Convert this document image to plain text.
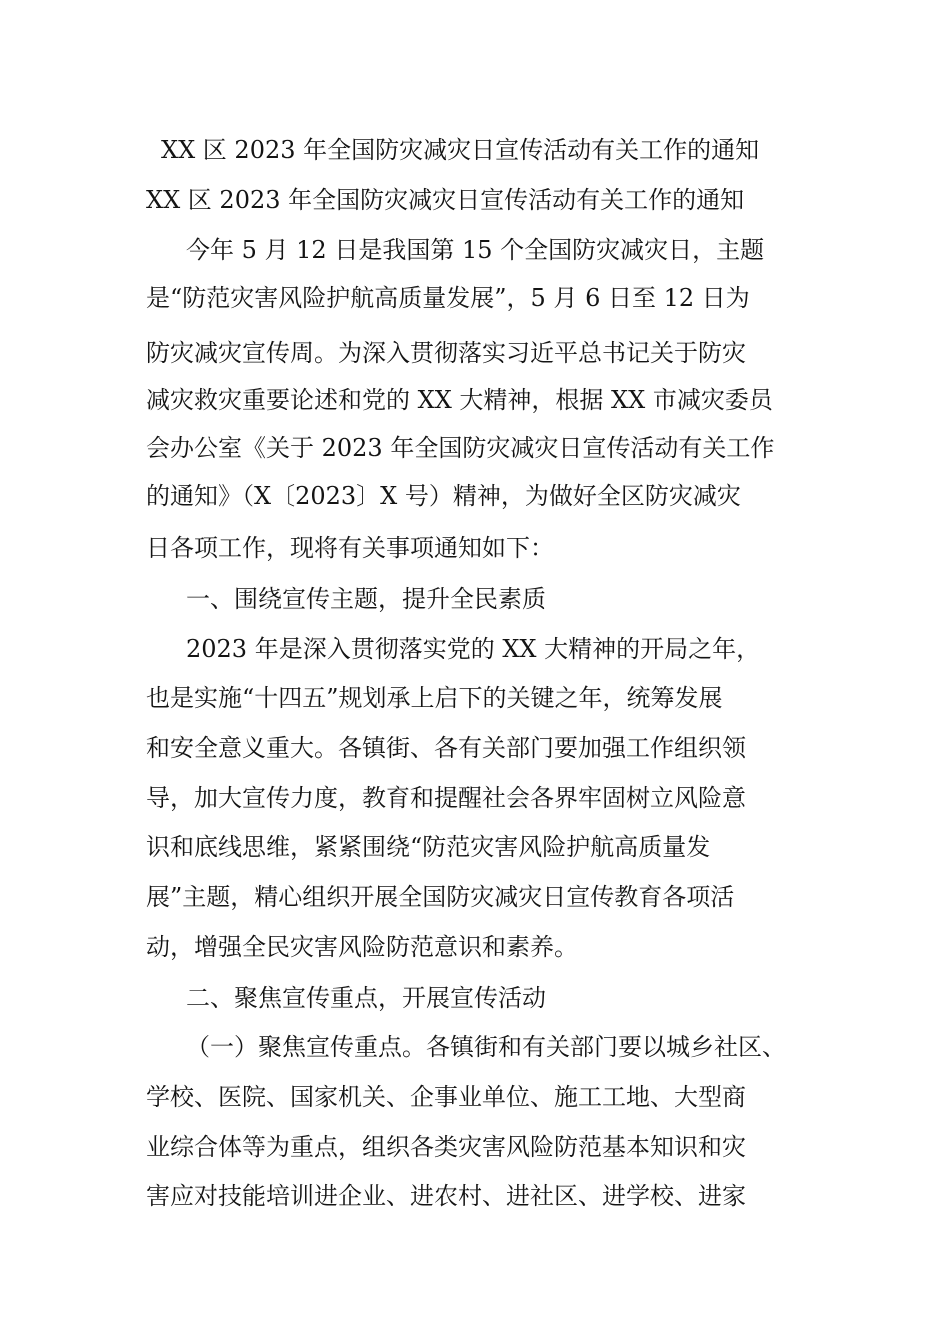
XX 区 2023 年全国防灾减灾日宣传活动有关工作的通知
XX 区 2023 年全国防灾减灾日宣传活动有关工作的通知
今年 5 月 12 日是我国第 15 个全国防灾减灾日，主题
是“防范灾害风险护航高质量发展”，5 月 6 日至 12 日为
防灾减灾宣传周。为深入贯彻落实习近平总书记关于防灾
减灾救灾重要论述和党的 XX 大精神，根据 XX 市减灾委员
会办公室《关于 2023 年全国防灾减灾日宣传活动有关工作
的通知》（X〔2023〕X 号）精神，为做好全区防灾减灾
日各项工作，现将有关事项通知如下：
一、围绕宣传主题，提升全民素质
2023 年是深入贯彻落实党的 XX 大精神的开局之年，
也是实施“十四五”规划承上启下的关键之年，统筹发展
和安全意义重大。各镇街、各有关部门要加强工作组织领
导，加大宣传力度，教育和提醒社会各界牢固树立风险意
识和底线思维，紧紧围绕“防范灾害风险护航高质量发
展”主题，精心组织开展全国防灾减灾日宣传教育各项活
动，增强全民灾害风险防范意识和素养。
二、聚焦宣传重点，开展宣传活动
（一）聚焦宣传重点。各镇街和有关部门要以城乡社区、
学校、医院、国家机关、企事业单位、施工工地、大型商
业综合体等为重点，组织各类灾害风险防范基本知识和灾
害应对技能培训进企业、进农村、进社区、进学校、进家
